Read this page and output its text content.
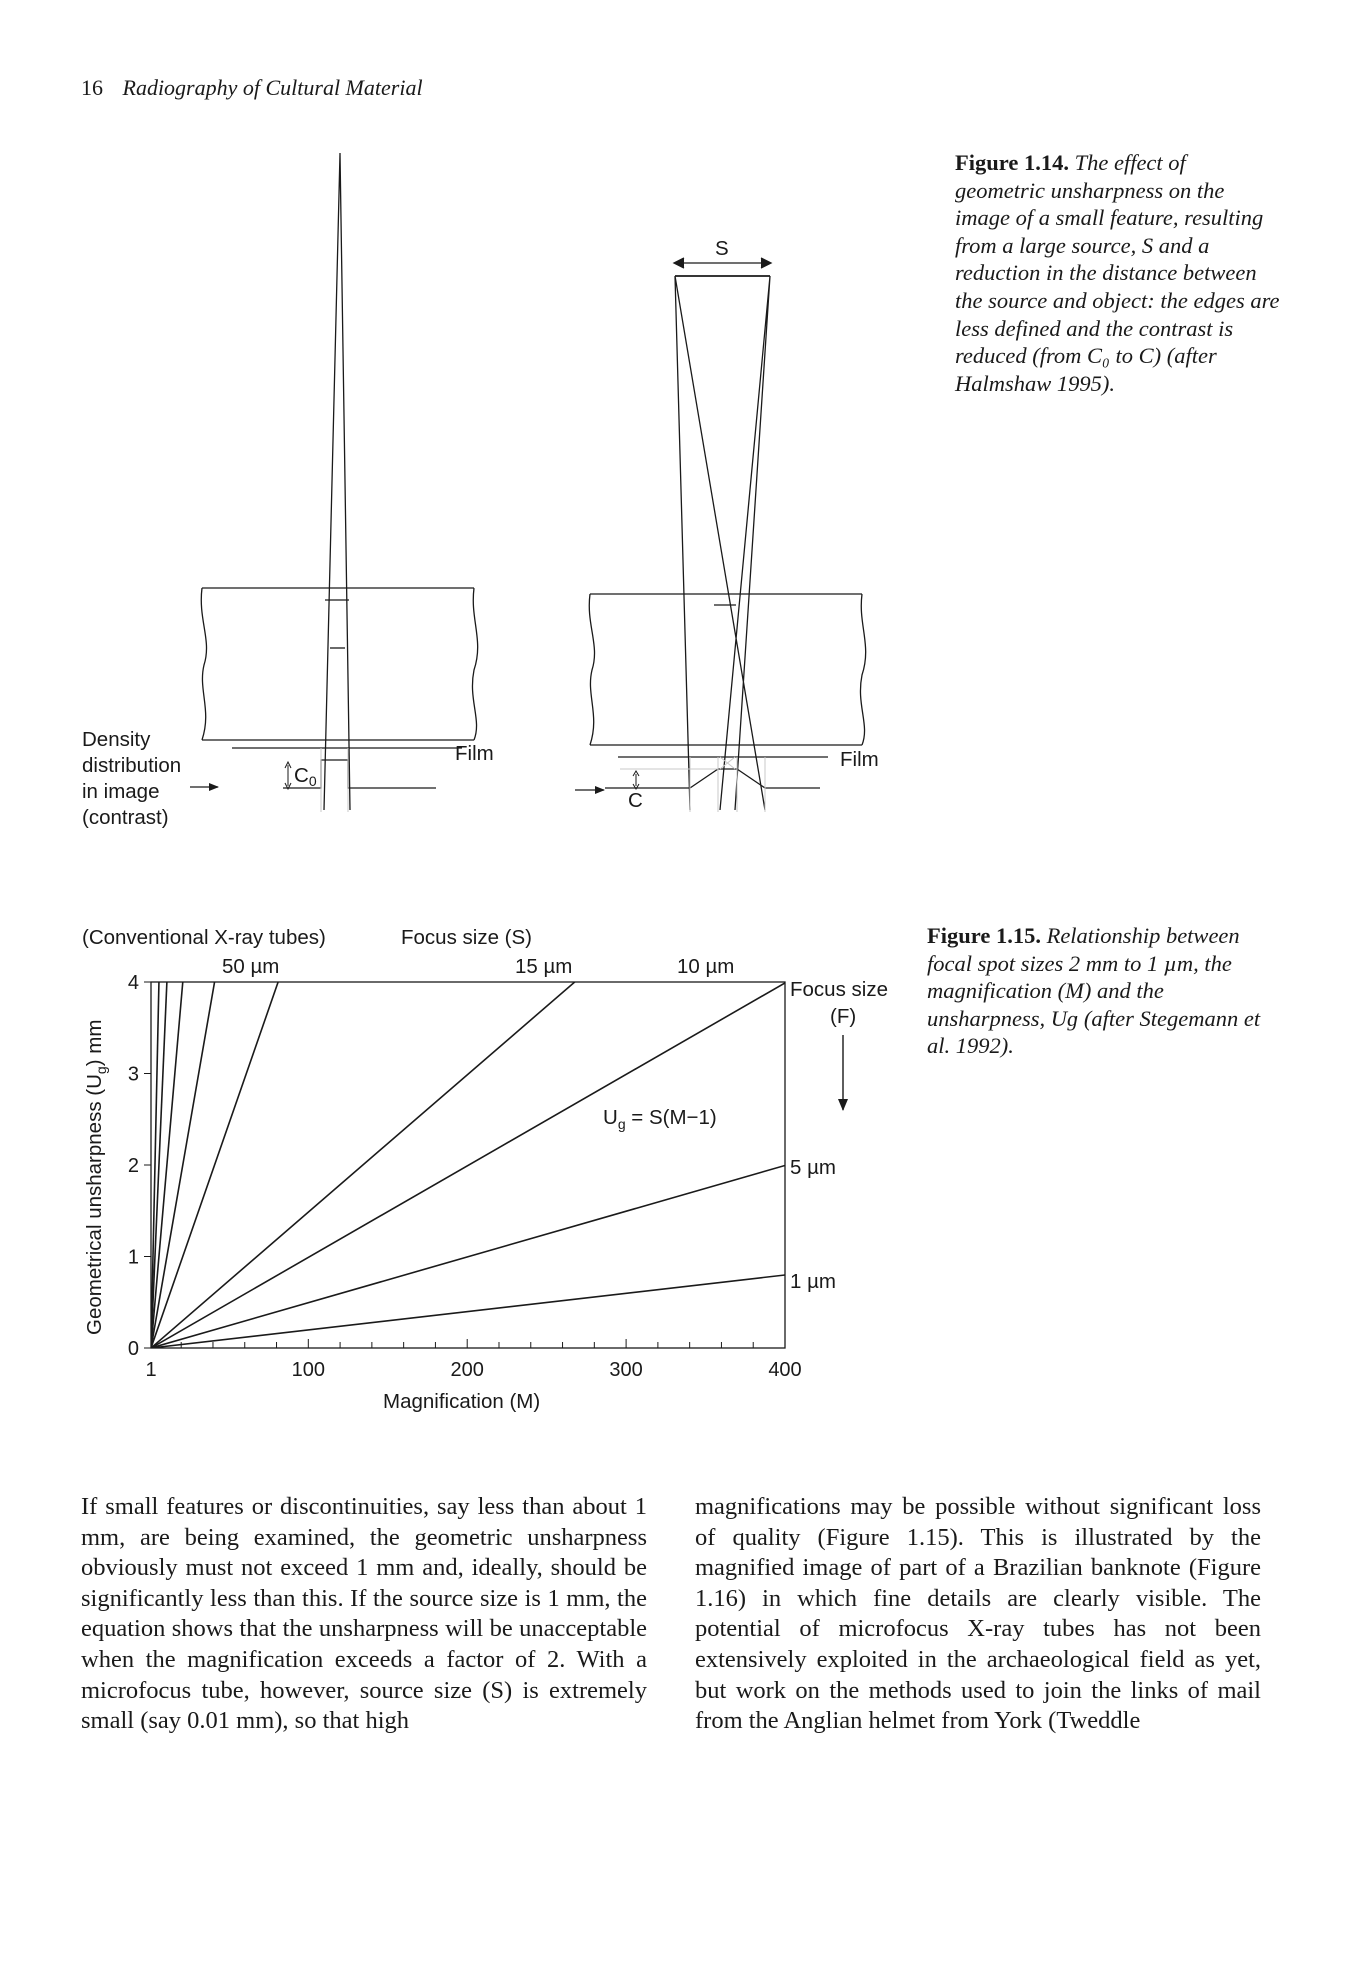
16 Radiography of Cultural Material
Density
distribution
in image
(contrast)
C0
Film	Film
S
C
Figure 1.14. The effect of geometric unsharpness on the image of a small feature, resulting from a large source, S and a reduction in the distance between the source and object: the edges are less defined and the contrast is reduced (from C₀ to C) (after Halmshaw 1995).
(Conventional X-ray tubes)	Focus size (S)
50 µm	15 µm	10 µm
Focus size
(F)
5 µm
1 µm
$U_g = S(M-1)$
Magnification (M)
Geometrical unsharpness $(U_g)$ mm
1	100	200	300	400
0
1
2
3
4
Figure 1.15. Relationship between focal spot sizes 2 mm to 1 µm, the magnification (M) and the unsharpness, Uɡ (after Stegemann et al. 1992).

If small features or discontinuities, say less than about 1 mm, are being examined, the geometric unsharpness obviously must not exceed 1 mm and, ideally, should be significantly less than this. If the source size is 1 mm, the equation shows that the unsharpness will be unacceptable when the magnification exceeds a factor of 2. With a microfocus tube, however, source size (S) is extremely small (say 0.01 mm), so that high

magnifications may be possible without significant loss of quality (Figure 1.15). This is illustrated by the magnified image of part of a Brazilian banknote (Figure 1.16) in which fine details are clearly visible. The potential of microfocus X-ray tubes has not been extensively exploited in the archaeological field as yet, but work on the methods used to join the links of mail from the Anglian helmet from York (Tweddle
